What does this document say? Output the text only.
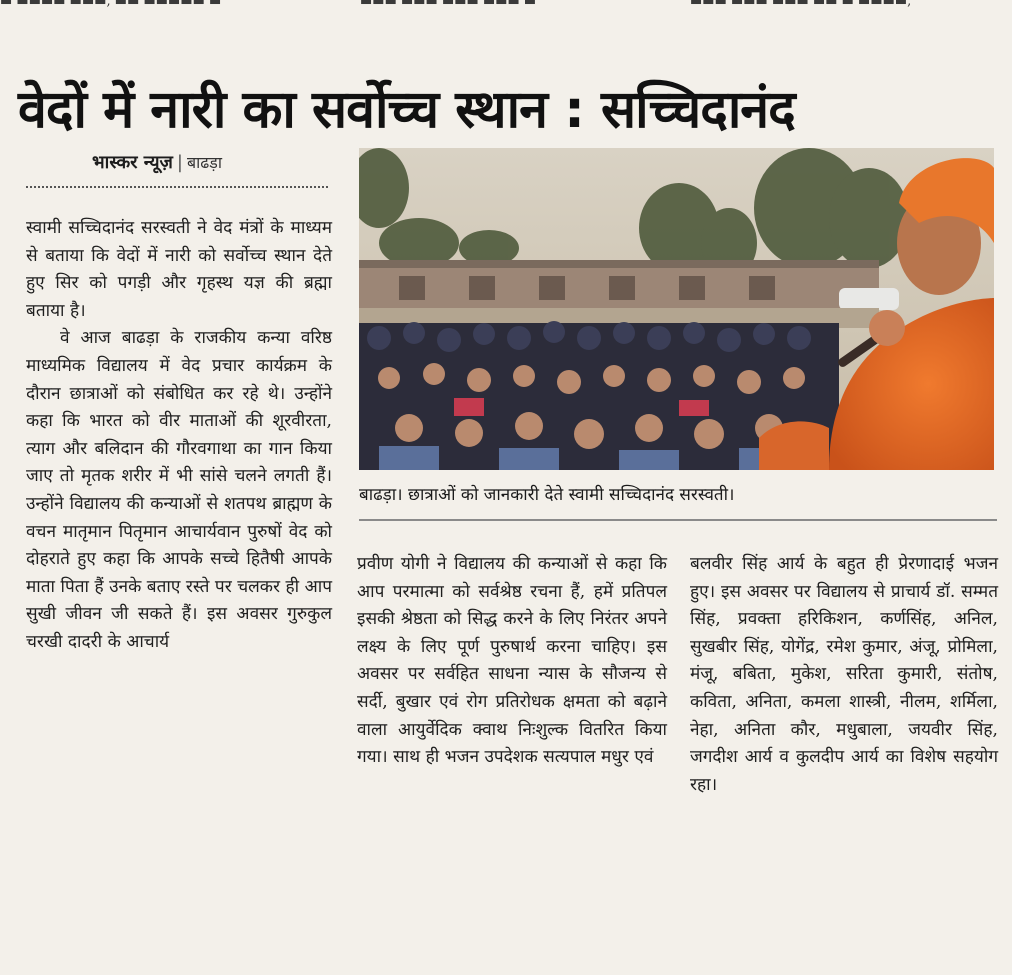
▬ ▬▬▬▬ ▬▬▬, ▬▬ ▬▬▬▬▬ ▬	▬▬▬ ▬▬▬ ▬▬▬ ▬▬▬ ▬	▬▬▬ ▬▬▬ ▬▬▬ ▬▬ ▬ ▬▬▬▬,
वेदों में नारी का सर्वोच्च स्थान : सच्चिदानंद
भास्कर न्यूज़ | बाढड़ा

स्वामी सच्चिदानंद सरस्वती ने वेद मंत्रों के माध्यम से बताया कि वेदों में नारी को सर्वोच्च स्थान देते हुए सिर को पगड़ी और गृहस्थ यज्ञ की ब्रह्मा बताया है।

वे आज बाढड़ा के राजकीय कन्या वरिष्ठ माध्यमिक विद्यालय में वेद प्रचार कार्यक्रम के दौरान छात्राओं को संबोधित कर रहे थे। उन्होंने कहा कि भारत को वीर माताओं की शूरवीरता, त्याग और बलिदान की गौरवगाथा का गान किया जाए तो मृतक शरीर में भी सांसे चलने लगती हैं। उन्होंने विद्यालय की कन्याओं से शतपथ ब्राह्मण के वचन मातृमान पितृमान आचार्यवान पुरुषों वेद को दोहराते हुए कहा कि आपके सच्चे हितैषी आपके माता पिता हैं उनके बताए रस्ते पर चलकर ही आप सुखी जीवन जी सकते हैं। इस अवसर गुरुकुल चरखी दादरी के आचार्य

बाढड़ा। छात्राओं को जानकारी देते स्वामी सच्चिदानंद सरस्वती।

प्रवीण योगी ने विद्यालय की कन्याओं से कहा कि आप परमात्मा को सर्वश्रेष्ठ रचना हैं, हमें प्रतिपल इसकी श्रेष्ठता को सिद्ध करने के लिए निरंतर अपने लक्ष्य के लिए पूर्ण पुरुषार्थ करना चाहिए। इस अवसर पर सर्वहित साधना न्यास के सौजन्य से सर्दी, बुखार एवं रोग प्रतिरोधक क्षमता को बढ़ाने वाला आयुर्वेदिक क्वाथ निःशुल्क वितरित किया गया। साथ ही भजन उपदेशक सत्यपाल मधुर एवं

बलवीर सिंह आर्य के बहुत ही प्रेरणादाई भजन हुए। इस अवसर पर विद्यालय से प्राचार्य डॉ. सम्मत सिंह, प्रवक्ता हरिकिशन, कर्णसिंह, अनिल, सुखबीर सिंह, योगेंद्र, रमेश कुमार, अंजू, प्रोमिला, मंजू, बबिता, मुकेश, सरिता कुमारी, संतोष, कविता, अनिता, कमला शास्त्री, नीलम, शर्मिला, नेहा, अनिता कौर, मधुबाला, जयवीर सिंह, जगदीश आर्य व कुलदीप आर्य का विशेष सहयोग रहा।
